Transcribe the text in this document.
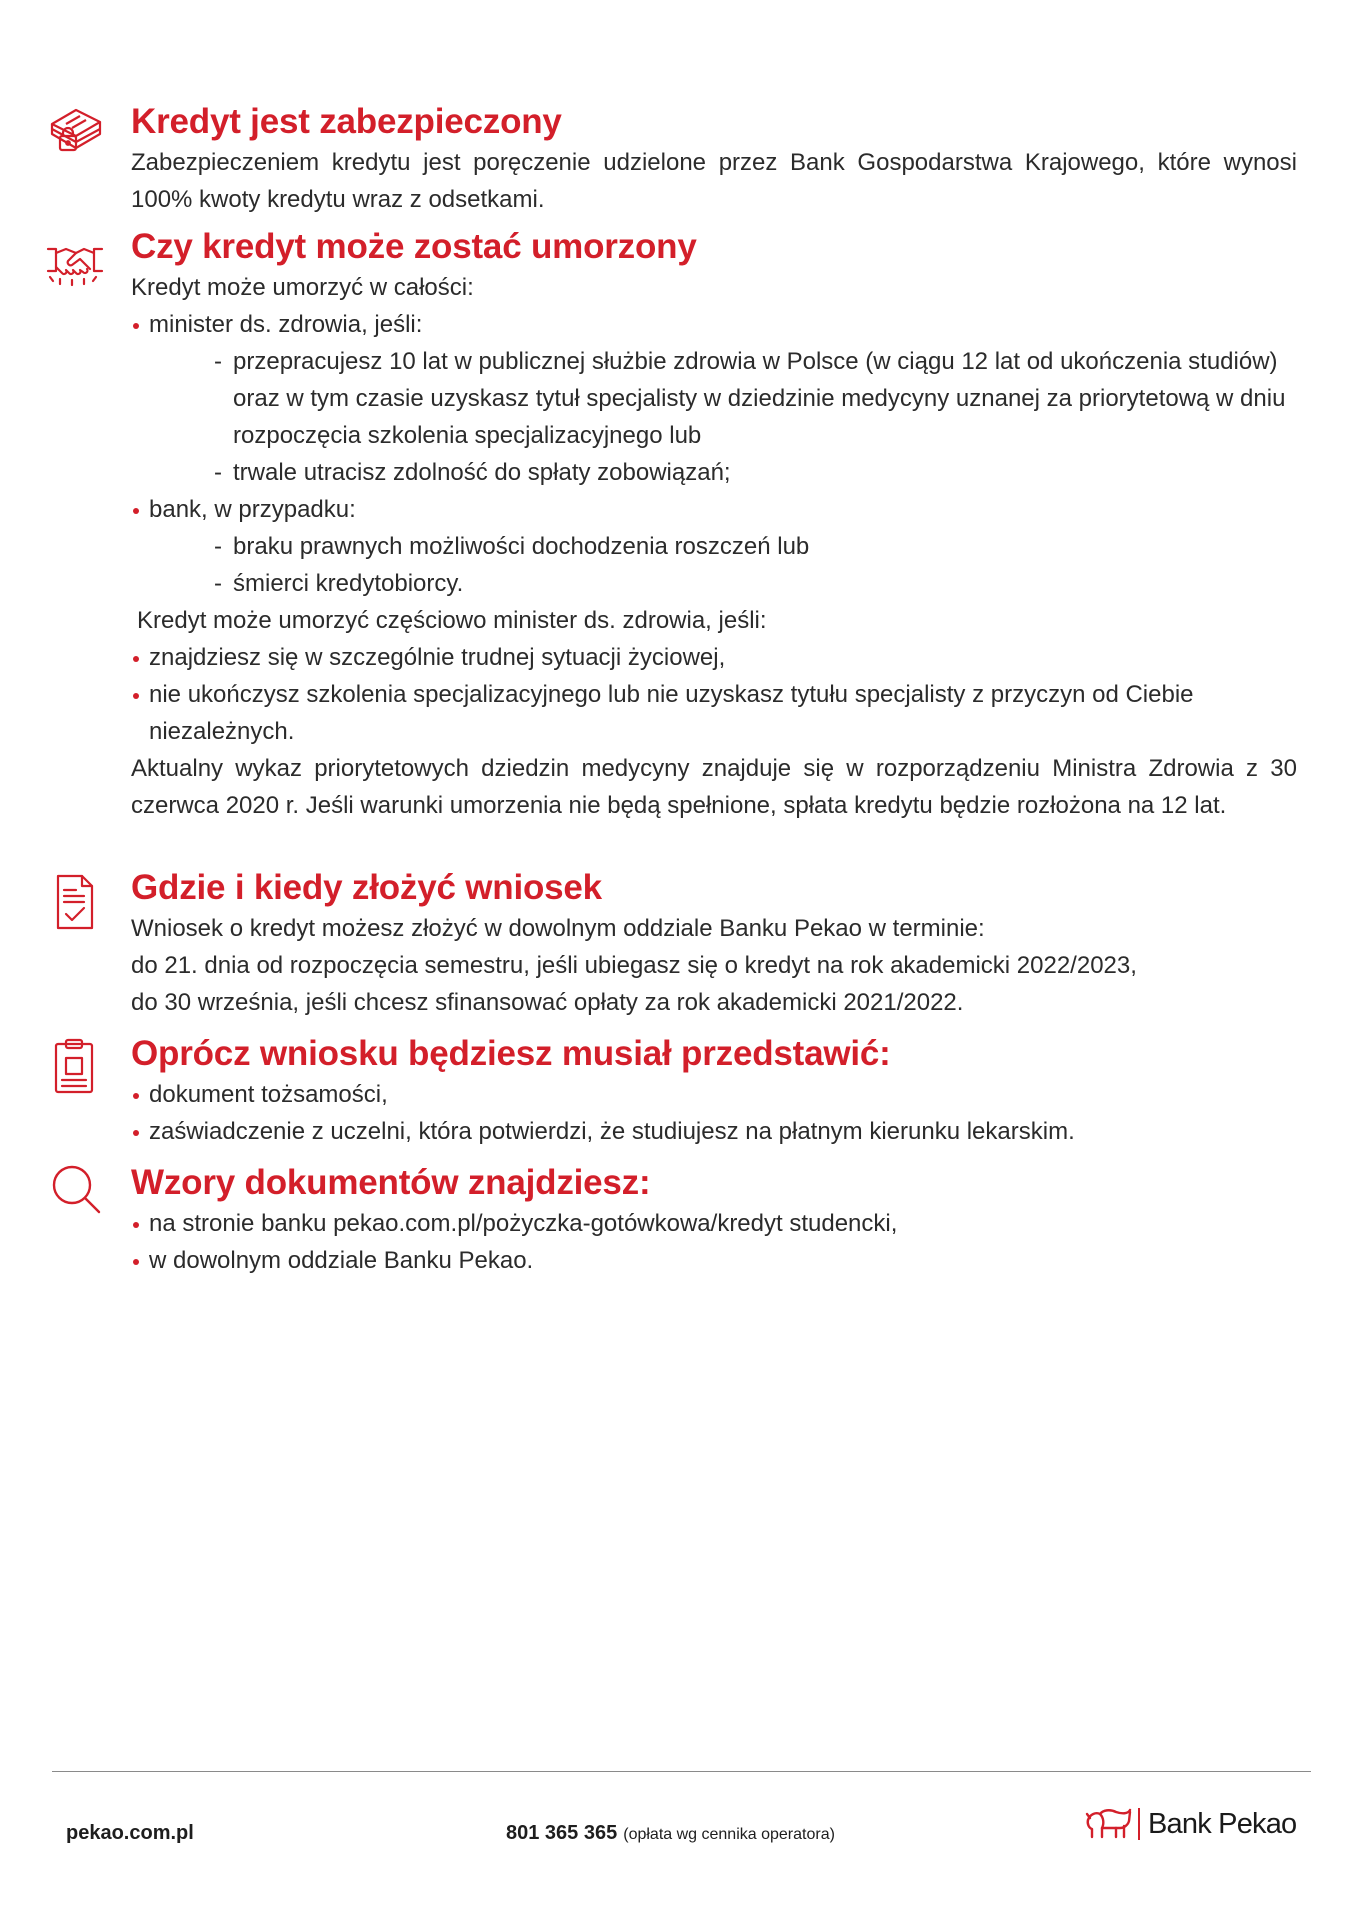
Kredyt jest zabezpieczony

Zabezpieczeniem kredytu jest poręczenie udzielone przez Bank Gospodarstwa Krajowego, które wynosi 100% kwoty kredytu wraz z odsetkami.

Czy kredyt może zostać umorzony

Kredyt może umorzyć w całości:

minister ds. zdrowia, jeśli:
- przepracujesz 10 lat w publicznej służbie zdrowia w Polsce (w ciągu 12 lat od ukończenia studiów) oraz w tym czasie uzyskasz tytuł specjalisty w dziedzinie medycyny uznanej za priorytetową w dniu rozpoczęcia szkolenia specjalizacyjnego lub
- trwale utracisz zdolność do spłaty zobowiązań;
bank, w przypadku:
- braku prawnych możliwości dochodzenia roszczeń lub
- śmierci kredytobiorcy.

Kredyt może umorzyć częściowo minister ds. zdrowia, jeśli:

znajdziesz się w szczególnie trudnej sytuacji życiowej,
nie ukończysz szkolenia specjalizacyjnego lub nie uzyskasz tytułu specjalisty z przyczyn od Ciebie niezależnych.

Aktualny wykaz priorytetowych dziedzin medycyny znajduje się w rozporządzeniu Ministra Zdrowia z 30 czerwca 2020 r. Jeśli warunki umorzenia nie będą spełnione, spłata kredytu będzie rozłożona na 12 lat.

Gdzie i kiedy złożyć wniosek

Wniosek o kredyt możesz złożyć w dowolnym oddziale Banku Pekao w terminie:

do 21. dnia od rozpoczęcia semestru, jeśli ubiegasz się o kredyt na rok akademicki 2022/2023,

do 30 września, jeśli chcesz sfinansować opłaty za rok akademicki 2021/2022.

Oprócz wniosku będziesz musiał przedstawić:
dokument tożsamości,
zaświadczenie z uczelni, która potwierdzi, że studiujesz na płatnym kierunku lekarskim.
Wzory dokumentów znajdziesz:
na stronie banku pekao.com.pl/pożyczka-gotówkowa/kredyt studencki,
w dowolnym oddziale Banku Pekao.
pekao.com.pl	801 365 365 (opłata wg cennika operatora)	Bank Pekao
